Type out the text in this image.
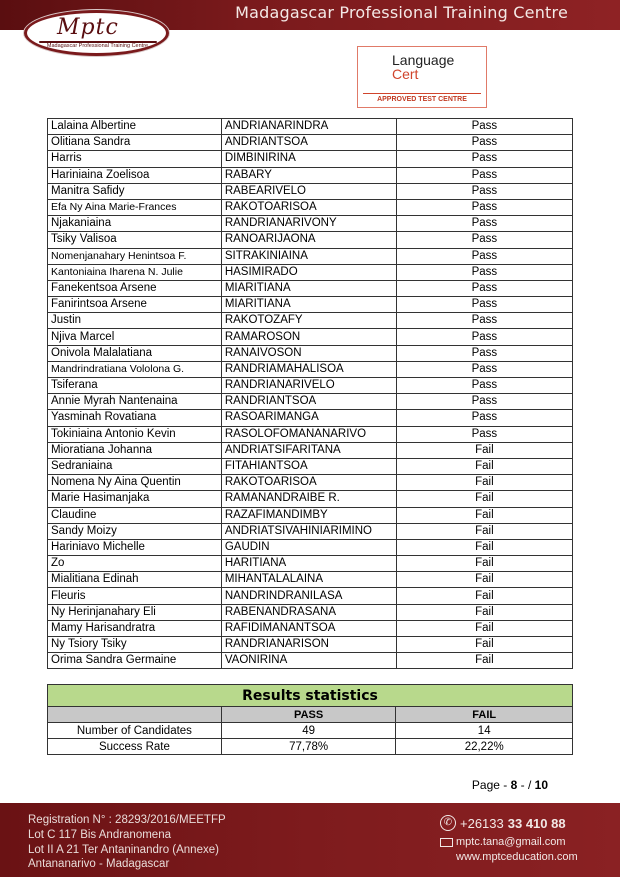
Madagascar Professional Training Centre
Mptc
Madagascar Professional Training Centre
Language
Cert
APPROVED TEST CENTRE
Lalaina Albertine	ANDRIANARINDRA	Pass
Olitiana Sandra	ANDRIANTSOA	Pass
Harris	DIMBINIRINA	Pass
Hariniaina Zoelisoa	RABARY	Pass
Manitra Safidy	RABEARIVELO	Pass
Efa Ny Aina Marie-Frances	RAKOTOARISOA	Pass
Njakaniaina	RANDRIANARIVONY	Pass
Tsiky Valisoa	RANOARIJAONA	Pass
Nomenjanahary Henintsoa F.	SITRAKINIAINA	Pass
Kantoniaina Iharena N. Julie	HASIMIRADO	Pass
Fanekentsoa Arsene	MIARITIANA	Pass
Fanirintsoa Arsene	MIARITIANA	Pass
Justin	RAKOTOZAFY	Pass
Njiva Marcel	RAMAROSON	Pass
Onivola Malalatiana	RANAIVOSON	Pass
Mandrindratiana Vololona G.	RANDRIAMAHALISOA	Pass
Tsiferana	RANDRIANARIVELO	Pass
Annie Myrah Nantenaina	RANDRIANTSOA	Pass
Yasminah Rovatiana	RASOARIMANGA	Pass
Tokiniaina Antonio Kevin	RASOLOFOMANANARIVO	Pass
Mioratiana Johanna	ANDRIATSIFARITANA	Fail
Sedraniaina	FITAHIANTSOA	Fail
Nomena Ny Aina Quentin	RAKOTOARISOA	Fail
Marie Hasimanjaka	RAMANANDRAIBE R.	Fail
Claudine	RAZAFIMANDIMBY	Fail
Sandy Moizy	ANDRIATSIVAHINIARIMINO	Fail
Hariniavo Michelle	GAUDIN	Fail
Zo	HARITIANA	Fail
Mialitiana Edinah	MIHANTALALAINA	Fail
Fleuris	NANDRINDRANILASA	Fail
Ny Herinjanahary Eli	RABENANDRASANA	Fail
Mamy Harisandratra	RAFIDIMANANTSOA	Fail
Ny Tsiory Tsiky	RANDRIANARISON	Fail
Orima Sandra Germaine	VAONIRINA	Fail
Results statistics		
	PASS	FAIL
Number of Candidates	49	14
Success Rate	77,78%	22,22%
Page - 8 - / 10
Registration N° : 28293/2016/MEETFP
Lot C 117 Bis Andranomena
Lot II A 21 Ter Antaninandro (Annexe)
Antananarivo - Madagascar
✆ +26133 33 410 88
mptc.tana@gmail.com
www.mptceducation.com
